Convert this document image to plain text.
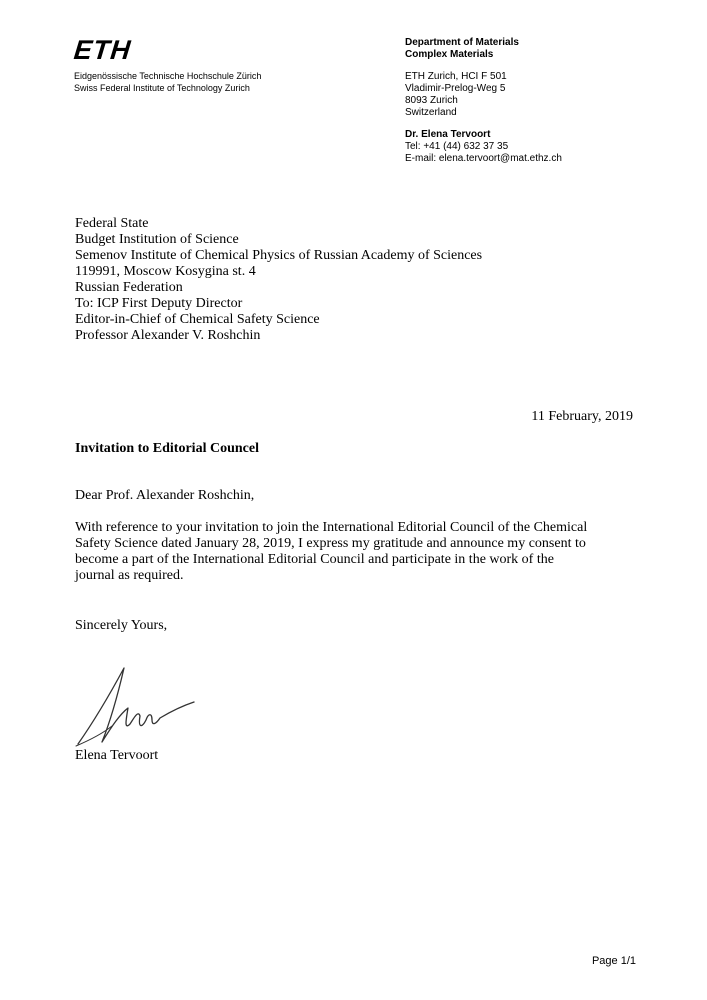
ETH
Eidgenössische Technische Hochschule Zürich
Swiss Federal Institute of Technology Zurich
Department of Materials
Complex Materials
ETH Zurich, HCI F 501
Vladimir-Prelog-Weg 5
8093 Zurich
Switzerland
Dr. Elena Tervoort
Tel: +41 (44) 632 37 35
E-mail: elena.tervoort@mat.ethz.ch
Federal State
Budget Institution of Science
Semenov Institute of Chemical Physics of Russian Academy of Sciences
119991, Moscow Kosygina st. 4
Russian Federation
To: ICP First Deputy Director
Editor-in-Chief of Chemical Safety Science
Professor Alexander V. Roshchin
11 February, 2019
Invitation to Editorial Councel
Dear Prof. Alexander Roshchin,
With reference to your invitation to join the International Editorial Council of the Chemical
Safety Science dated January 28, 2019, I express my gratitude and announce my consent to
become a part of the International Editorial Council and participate in the work of the
journal as required.
Sincerely Yours,
Elena Tervoort
Page 1/1
